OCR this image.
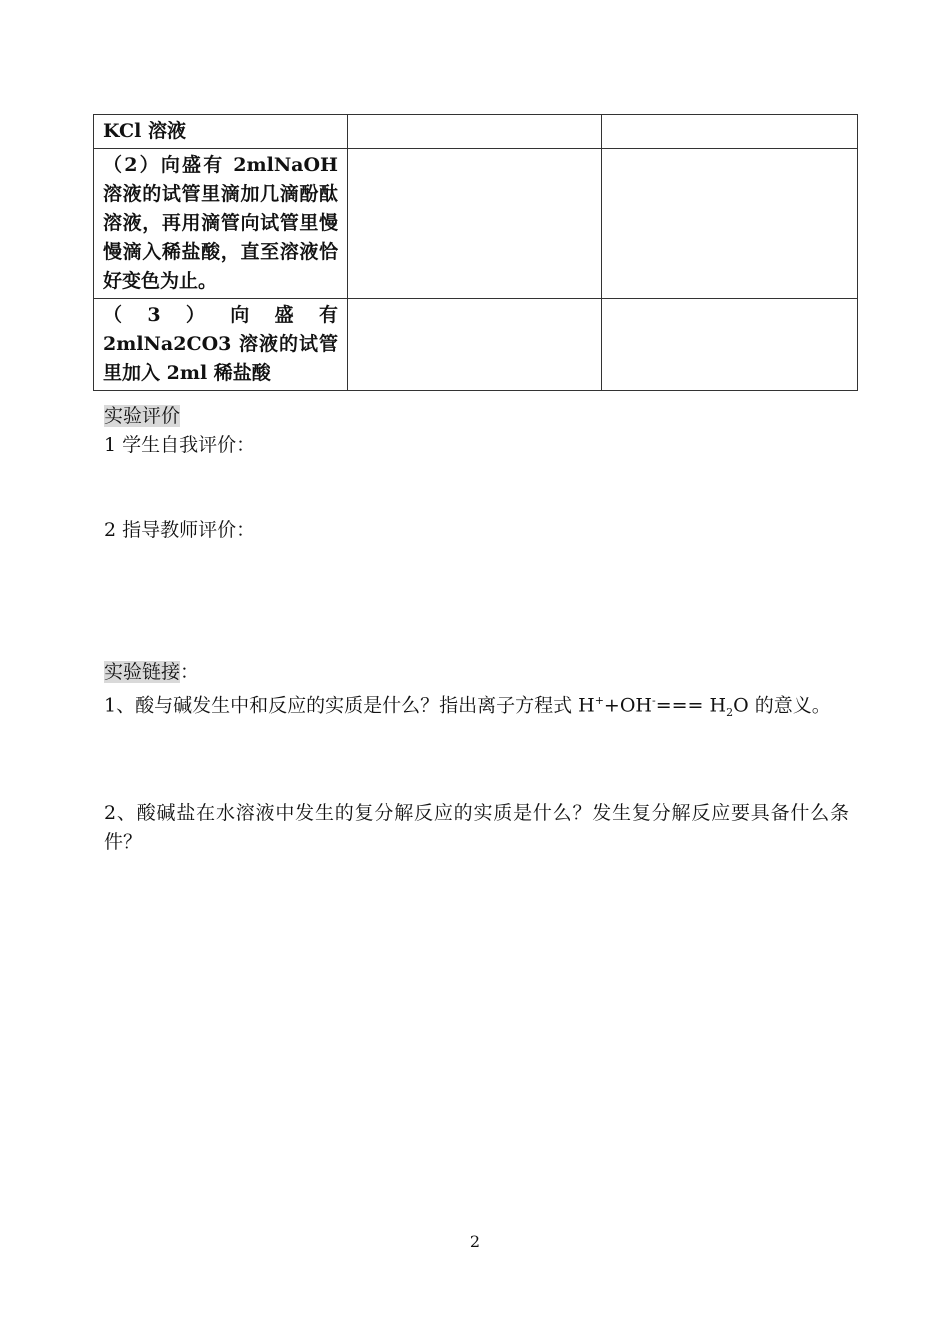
KCl 溶液		

（2）向盛有 2mlNaOH 溶液的试管里滴加几滴酚酞溶液，再用滴管向试管里慢慢滴入稀盐酸，直至溶液恰好变色为止。		

（3）向盛有 2mlNa2CO3 溶液的试管里加入 2ml 稀盐酸		

实验评价
1 学生自我评价：
2 指导教师评价：
实验链接：
1、酸与碱发生中和反应的实质是什么？指出离子方程式 $H^++OH^-=== H_2O$ 的意义。
2、酸碱盐在水溶液中发生的复分解反应的实质是什么？发生复分解反应要具备什么条件？
2
